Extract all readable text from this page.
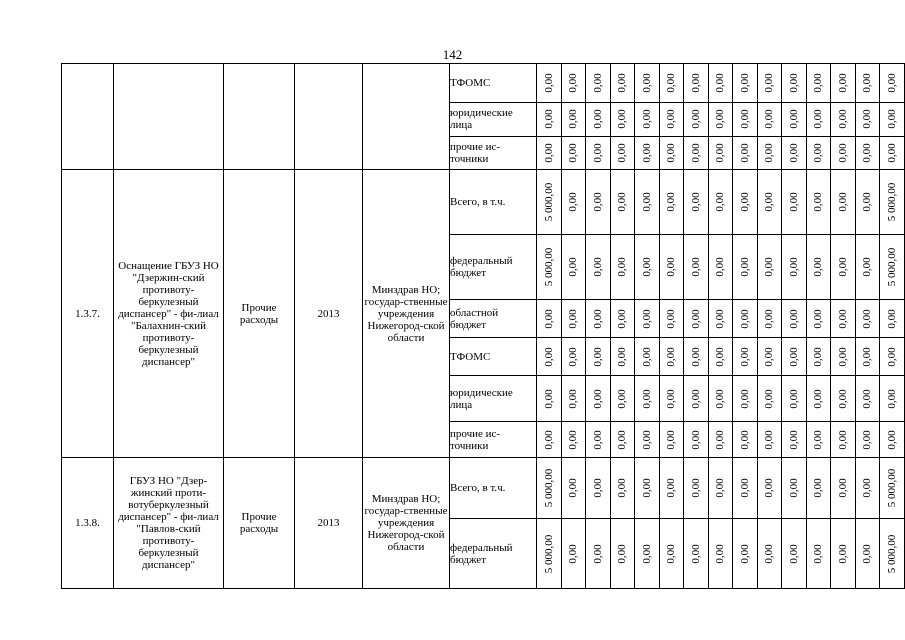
142
					ТФОМС	0,00	0,00	0,00	0,00	0,00	0,00	0,00	0,00	0,00	0,00	0,00	0,00	0,00	0,00	0,00

					юридические лица	0,00	0,00	0,00	0,00	0,00	0,00	0,00	0,00	0,00	0,00	0,00	0,00	0,00	0,00	0,00

					прочие ис-точники	0,00	0,00	0,00	0,00	0,00	0,00	0,00	0,00	0,00	0,00	0,00	0,00	0,00	0,00	0,00

1.3.7.	Оснащение ГБУЗ НО "Дзержин-ский противоту-беркулезный диспансер" - фи-лиал "Балахнин-ский противоту-беркулезный диспансер"	Прочие расходы	2013	Минздрав НО; государ-ственные учреждения Нижегород-ской области	Всего, в т.ч.	5 000,00	0,00	0,00	0,00	0,00	0,00	0,00	0,00	0,00	0,00	0,00	0,00	0,00	0,00	5 000,00

					федеральный бюджет	5 000,00	0,00	0,00	0,00	0,00	0,00	0,00	0,00	0,00	0,00	0,00	0,00	0,00	0,00	5 000,00

					областной бюджет	0,00	0,00	0,00	0,00	0,00	0,00	0,00	0,00	0,00	0,00	0,00	0,00	0,00	0,00	0,00

					ТФОМС	0,00	0,00	0,00	0,00	0,00	0,00	0,00	0,00	0,00	0,00	0,00	0,00	0,00	0,00	0,00

					юридические лица	0,00	0,00	0,00	0,00	0,00	0,00	0,00	0,00	0,00	0,00	0,00	0,00	0,00	0,00	0,00

					прочие ис-точники	0,00	0,00	0,00	0,00	0,00	0,00	0,00	0,00	0,00	0,00	0,00	0,00	0,00	0,00	0,00

1.3.8.	ГБУЗ НО "Дзер-жинский проти-вотуберкулезный диспансер" - фи-лиал "Павлов-ский противоту-беркулезный диспансер"	Прочие расходы	2013	Минздрав НО; государ-ственные учреждения Нижегород-ской области	Всего, в т.ч.	5 000,00	0,00	0,00	0,00	0,00	0,00	0,00	0,00	0,00	0,00	0,00	0,00	0,00	0,00	5 000,00

					федеральный бюджет	5 000,00	0,00	0,00	0,00	0,00	0,00	0,00	0,00	0,00	0,00	0,00	0,00	0,00	0,00	5 000,00
